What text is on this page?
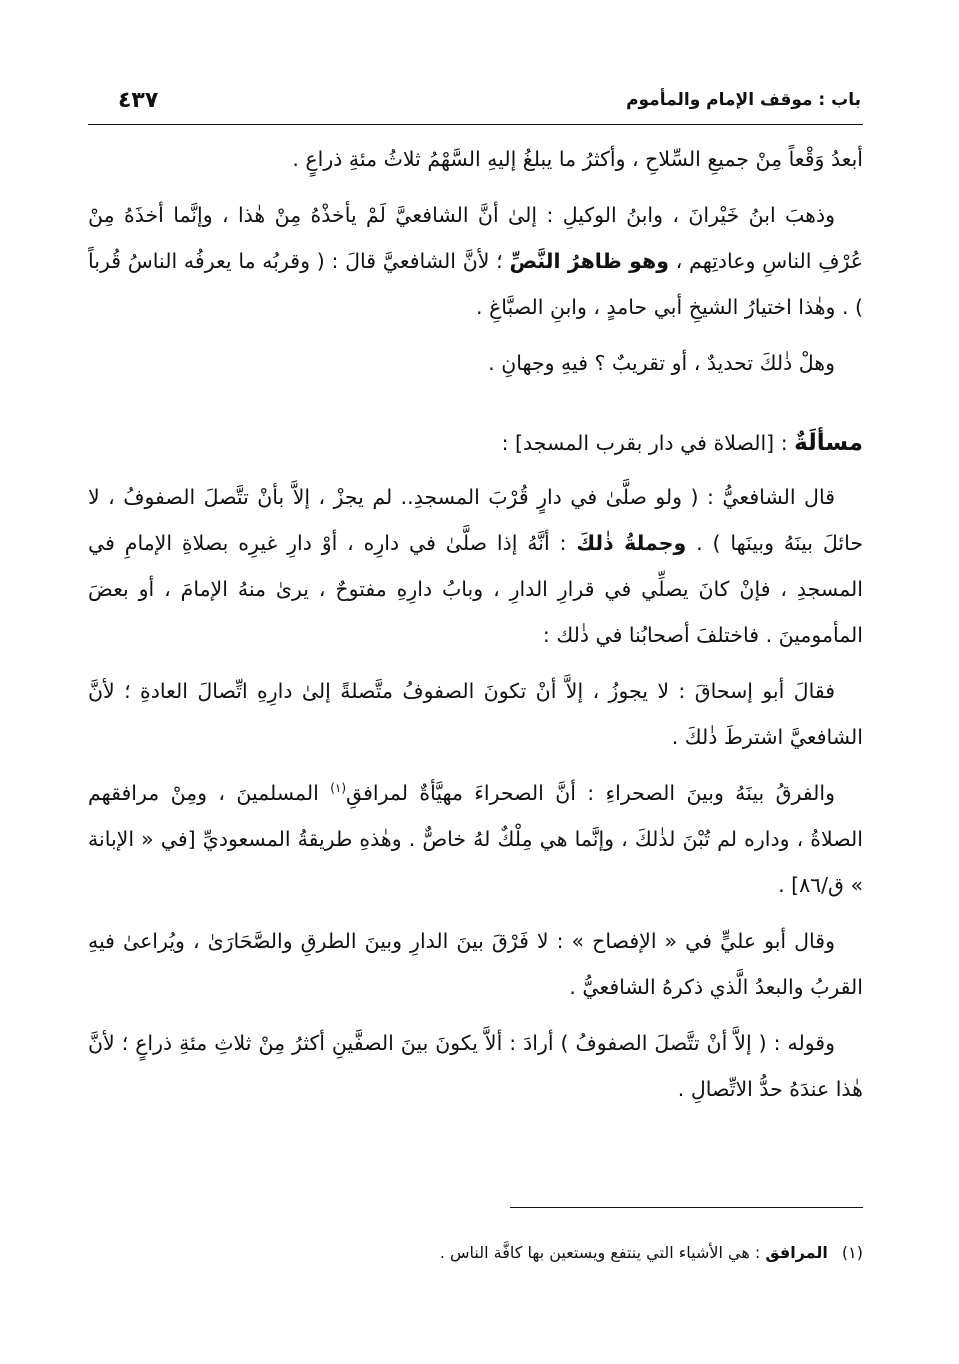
باب : موقف الإمام والمأموم
٤٣٧

أبعدُ وَقْعاً مِنْ جميعِ السِّلاحِ ، وأكثرُ ما يبلغُ إليهِ السَّهْمُ ثلاثُ مئةِ ذراعٍ .

وذهبَ ابنُ خَيْرانَ ، وابنُ الوكيلِ : إلىٰ أنَّ الشافعيَّ لَمْ يأخذْهُ مِنْ هٰذا ، وإنَّما أخذَهُ مِنْ عُرْفِ الناسِ وعادتِهم ، وهو ظاهرُ النَّصِّ ؛ لأنَّ الشافعيَّ قالَ : ( وقربُه ما يعرفُه الناسُ قُرباً ) . وهٰذا اختيارُ الشيخِ أبي حامدٍ ، وابنِ الصبَّاغِ .

وهلْ ذٰلكَ تحديدٌ ، أو تقريبٌ ؟ فيهِ وجهانِ .

مسألَةٌ : [الصلاة في دار بقرب المسجد] :

قال الشافعيُّ : ( ولو صلَّىٰ في دارٍ قُرْبَ المسجدِ.. لم يجزْ ، إلاَّ بأنْ تتَّصلَ الصفوفُ ، لا حائلَ بينَهُ وبينَها ) . وجملةُ ذٰلكَ : أنَّهُ إذا صلَّىٰ في دارِه ، أوْ دارِ غيرِه بصلاةِ الإمامِ في المسجدِ ، فإنْ كانَ يصلِّي في قرارِ الدارِ ، وبابُ دارِهِ مفتوحٌ ، يرىٰ منهُ الإمامَ ، أو بعضَ المأمومينَ . فاختلفَ أصحابُنا في ذٰلك :

فقالَ أبو إسحاقَ : لا يجوزُ ، إلاَّ أنْ تكونَ الصفوفُ متَّصلةً إلىٰ دارِهِ اتِّصالَ العادةِ ؛ لأنَّ الشافعيَّ اشترطَ ذٰلكَ .

والفرقُ بينَهُ وبينَ الصحراءِ : أنَّ الصحراءَ مهيَّأةٌ لمرافقِ$^{(١)}$ المسلمينَ ، ومِنْ مرافقهم الصلاةُ ، وداره لم تُبْنَ لذٰلكَ ، وإنَّما هي مِلْكٌ لهُ خاصٌّ . وهٰذهِ طريقةُ المسعوديِّ [في « الإبانة » ق/٨٦] .

وقال أبو عليٍّ في « الإفصاح » : لا فَرْقَ بينَ الدارِ وبينَ الطرقِ والصَّحَارَىٰ ، ويُراعىٰ فيهِ القربُ والبعدُ الَّذي ذكرهُ الشافعيُّ .

وقوله : ( إلاَّ أنْ تتَّصلَ الصفوفُ ) أرادَ : ألاَّ يكونَ بينَ الصفَّينِ أكثرُ مِنْ ثلاثِ مئةِ ذراعٍ ؛ لأنَّ هٰذا عندَهُ حدُّ الاتِّصالِ .

(١)المرافق : هي الأشياء التي ينتفع ويستعين بها كافَّة الناس .
